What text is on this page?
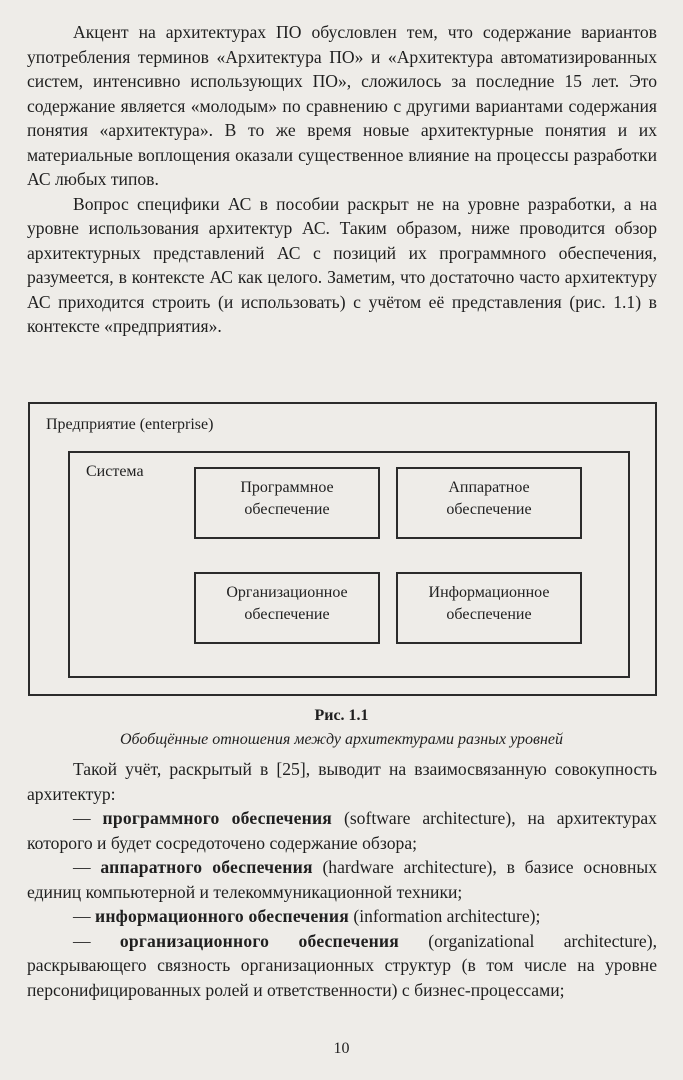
Акцент на архитектурах ПО обусловлен тем, что содержание вариантов употребления терминов «Архитектура ПО» и «Архитектура автоматизированных систем, интенсивно использующих ПО», сложилось за последние 15 лет. Это содержание является «молодым» по сравнению с другими вариантами содержания понятия «архитектура». В то же время новые архитектурные понятия и их материальные воплощения оказали существенное влияние на процессы разработки АС любых типов.

Вопрос специфики АС в пособии раскрыт не на уровне разработки, а на уровне использования архитектур АС. Таким образом, ниже проводится обзор архитектурных представлений АС с позиций их программного обеспечения, разумеется, в контексте АС как целого. Заметим, что достаточно часто архитектуру АС приходится строить (и использовать) с учётом её представления (рис. 1.1) в контексте «предприятия».

Предприятие (enterprise)
Система
Программное
обеспечение
Аппаратное
обеспечение
Организационное
обеспечение
Информационное
обеспечение
Рис. 1.1
Обобщённые отношения между архитектурами разных уровней

Такой учёт, раскрытый в [25], выводит на взаимосвязанную совокупность архитектур:

— программного обеспечения (software architecture), на архитектурах которого и будет сосредоточено содержание обзора;

— аппаратного обеспечения (hardware architecture), в базисе основных единиц компьютерной и телекоммуникационной техники;

— информационного обеспечения (information architecture);

— организационного обеспечения (organizational architecture), раскрывающего связность организационных структур (в том числе на уровне персонифицированных ролей и ответственности) с бизнес-процессами;

10
